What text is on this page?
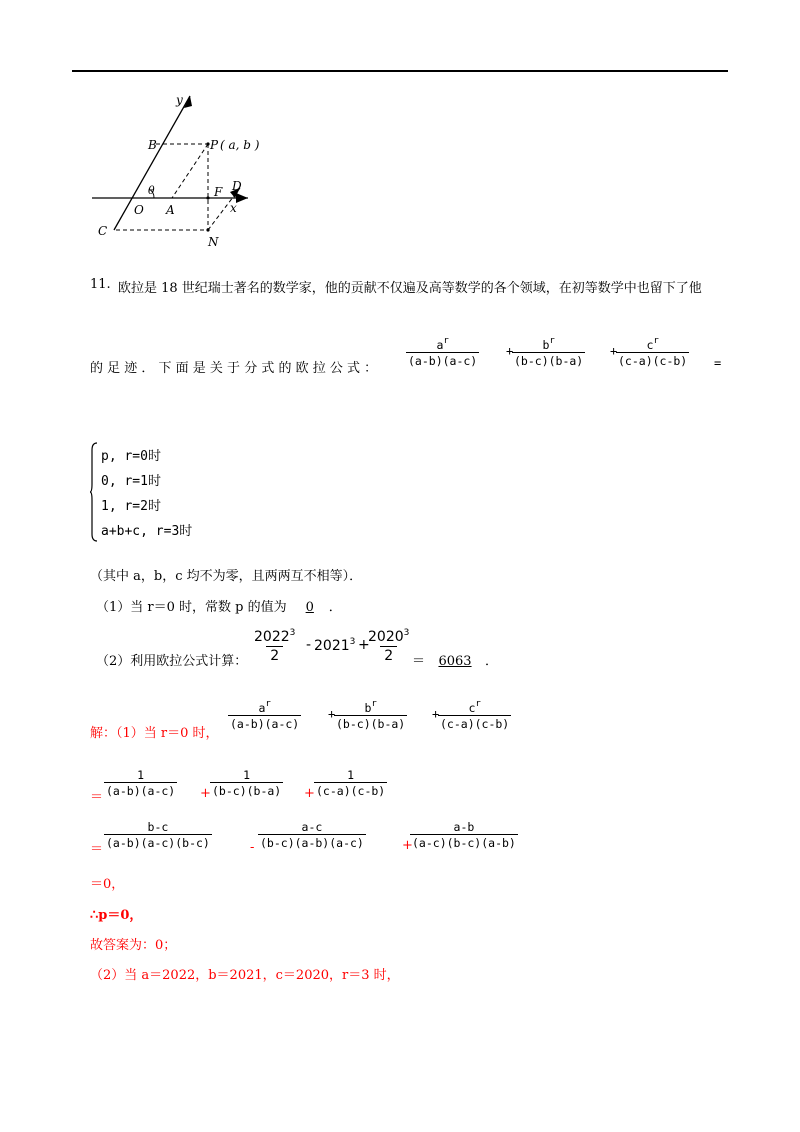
y
B	P ( a, b )
θ	F D
O A	x
C
N
11. 欧拉是 18 世纪瑞士著名的数学家，他的贡献不仅遍及高等数学的各个领域，在初等数学中也留下了他
的 足 迹 ． 下 面 是 关 于 分 式 的 欧 拉 公 式 ：
$\frac{a^r}{(a-b)(a-c)}$ +
$\frac{b^r}{(b-c)(b-a)}$ +
$\frac{c^r}{(c-a)(c-b)}$ =
p, r=0时
0, r=1时
1, r=2时
a+b+c, r=3时
（其中 a，b，c 均不为零，且两两互不相等）．
（1）当 r＝0 时，常数 p 的值为 0 ．
（2）利用欧拉公式计算： $\frac{2022^3}{2} - 2021^3$ +
$\frac{2020^3}{2}$
＝ 6063 ．
解：（1）当 r＝0 时，
$\frac{a^r}{(a-b)(a-c)}$ +
$\frac{b^r}{(b-c)(b-a)}$ +
$\frac{c^r}{(c-a)(c-b)}$
＝ $\frac{1}{(a-b)(a-c)} + \frac{1}{(b-c)(b-a)} + \frac{1}{(c-a)(c-b)}$
＝ $\frac{b-c}{(a-b)(a-c)(b-c)}$	- $\frac{a-c}{(b-c)(a-b)(a-c)}$	+
$\frac{a-b}{(a-c)(b-c)(a-b)}$
＝0，
∴p＝0，
故答案为：0；
（2）当 a＝2022，b＝2021，c＝2020，r＝3 时，
